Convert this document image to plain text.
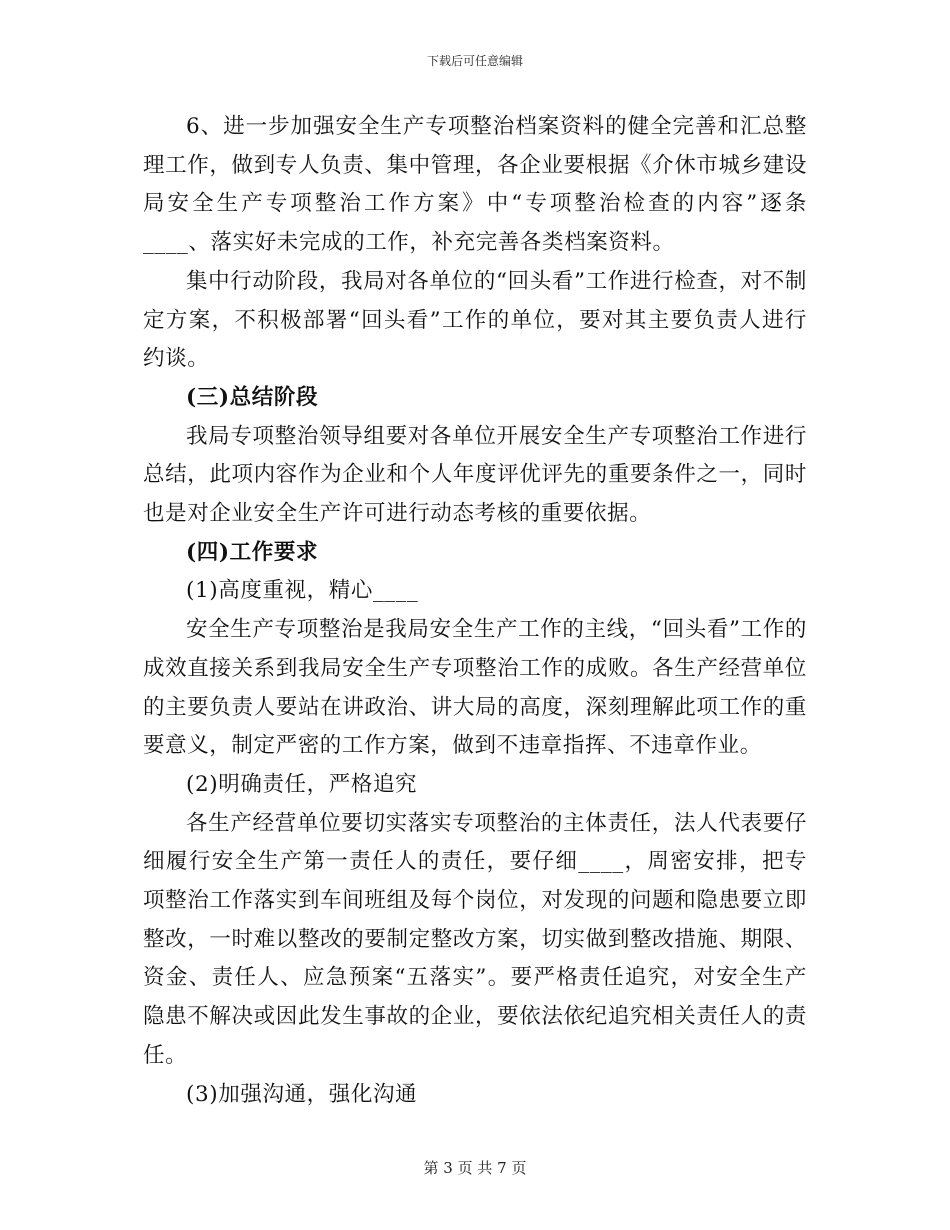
下载后可任意编辑

6、进一步加强安全生产专项整治档案资料的健全完善和汇总整理工作，做到专人负责、集中管理，各企业要根据《介休市城乡建设局安全生产专项整治工作方案》中“专项整治检查的内容”逐条____、落实好未完成的工作，补充完善各类档案资料。

集中行动阶段，我局对各单位的“回头看”工作进行检查，对不制定方案，不积极部署“回头看”工作的单位，要对其主要负责人进行约谈。

(三)总结阶段

我局专项整治领导组要对各单位开展安全生产专项整治工作进行总结，此项内容作为企业和个人年度评优评先的重要条件之一，同时也是对企业安全生产许可进行动态考核的重要依据。

(四)工作要求

(1)高度重视，精心____

安全生产专项整治是我局安全生产工作的主线，“回头看”工作的成效直接关系到我局安全生产专项整治工作的成败。各生产经营单位的主要负责人要站在讲政治、讲大局的高度，深刻理解此项工作的重要意义，制定严密的工作方案，做到不违章指挥、不违章作业。

(2)明确责任，严格追究

各生产经营单位要切实落实专项整治的主体责任，法人代表要仔细履行安全生产第一责任人的责任，要仔细____，周密安排，把专项整治工作落实到车间班组及每个岗位，对发现的问题和隐患要立即整改，一时难以整改的要制定整改方案，切实做到整改措施、期限、资金、责任人、应急预案“五落实”。要严格责任追究，对安全生产隐患不解决或因此发生事故的企业，要依法依纪追究相关责任人的责任。

(3)加强沟通，强化沟通

第 3 页 共 7 页
